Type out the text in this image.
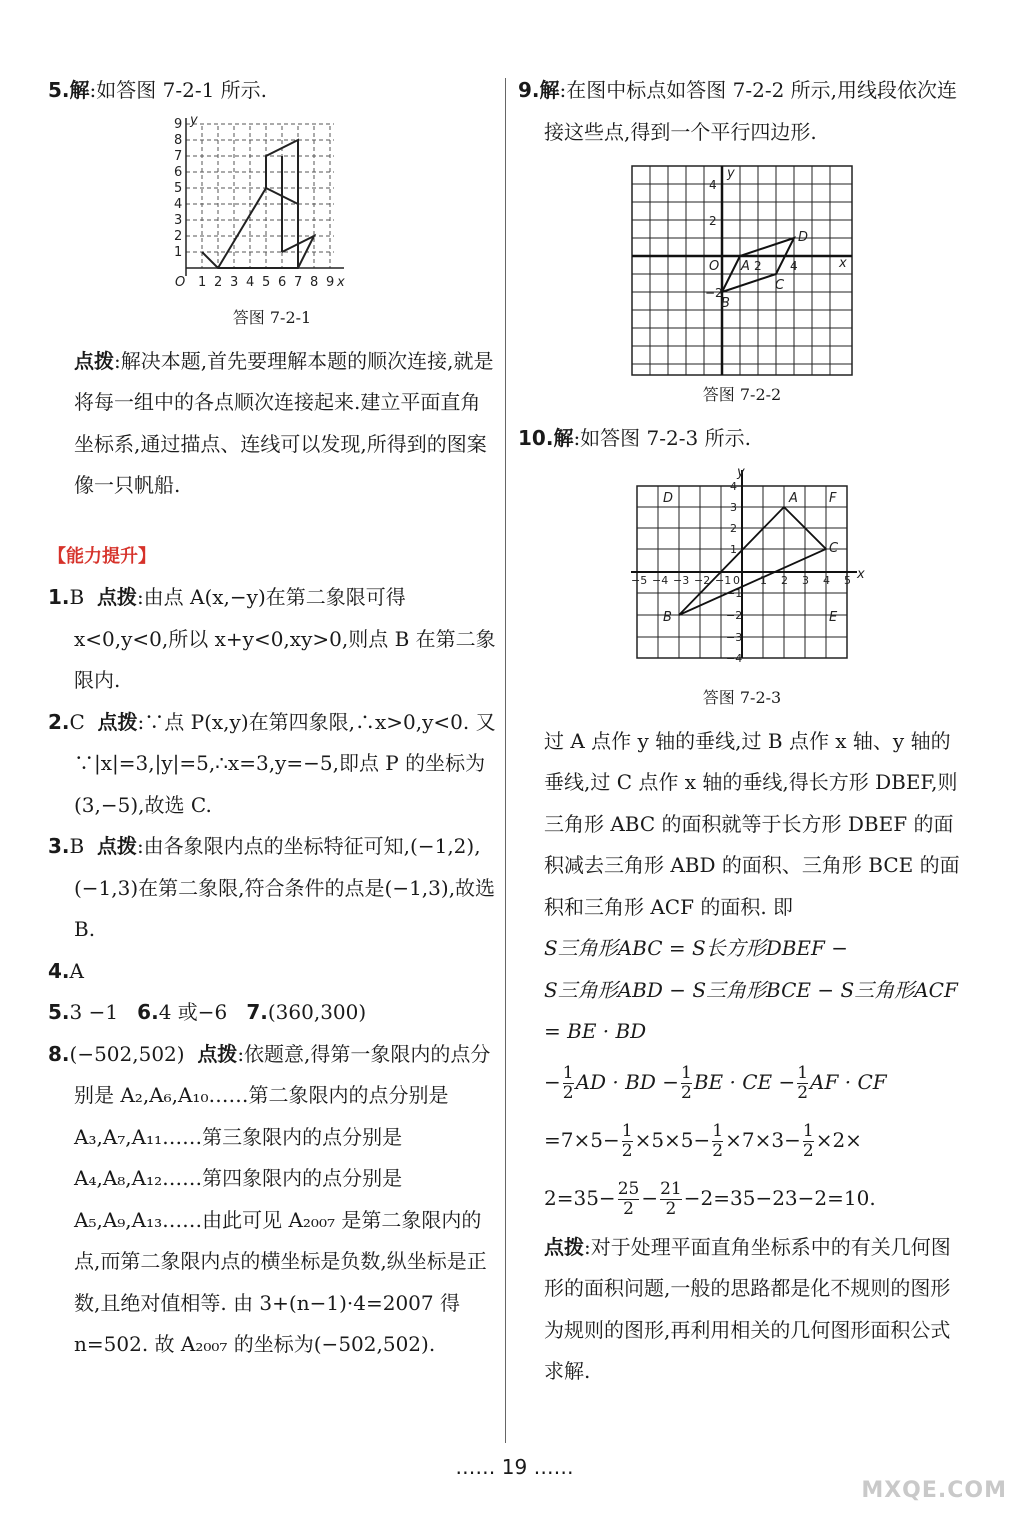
5.解:如答图 7-2-1 所示.

O 1 2 3 4 5 6 7 8 9 x
1
2
3
4
5
6
7
8
9 y
答图 7-2-1

点拨:解决本题,首先要理解本题的顺次连接,就是将每一组中的各点顺次连接起来.建立平面直角坐标系,通过描点、连线可以发现,所得到的图案像一只帆船.

【能力提升】

1.B 点拨:由点 A(x,−y)在第二象限可得 x<0,y<0,所以 x+y<0,xy>0,则点 B 在第二象限内.

2.C 点拨:∵点 P(x,y)在第四象限,∴x>0,y<0. 又∵|x|=3,|y|=5,∴x=3,y=−5,即点 P 的坐标为(3,−5),故选 C.

3.B 点拨:由各象限内点的坐标特征可知,(−1,2),(−1,3)在第二象限,符合条件的点是(−1,3),故选 B.

4.A

5.3 −1 6.4 或−6 7.(360,300)

8.(−502,502) 点拨:依题意,得第一象限内的点分别是 A₂,A₆,A₁₀……第二象限内的点分别是 A₃,A₇,A₁₁……第三象限内的点分别是 A₄,A₈,A₁₂……第四象限内的点分别是 A₅,A₉,A₁₃……由此可见 A₂₀₀₇ 是第二象限内的点,而第二象限内点的横坐标是负数,纵坐标是正数,且绝对值相等. 由 3+(n−1)·4=2007 得 n=502. 故 A₂₀₀₇ 的坐标为(−502,502).

9.解:在图中标点如答图 7-2-2 所示,用线段依次连接这些点,得到一个平行四边形.

y
x
O A
B
C
D
4
2
2 4
−2
答图 7-2-2

10.解:如答图 7-2-3 所示.

y
x
A
B
C
D
E
F
−5 −4 −3 −2 −1 0 1 2 3 4 5
4
3
2
1
−1
−2
−3
−4
答图 7-2-3

过 A 点作 y 轴的垂线,过 B 点作 x 轴、y 轴的垂线,过 C 点作 x 轴的垂线,得长方形 DBEF,则三角形 ABC 的面积就等于长方形 DBEF 的面积减去三角形 ABD 的面积、三角形 BCE 的面积和三角形 ACF 的面积. 即

S三角形ABC = S长方形DBEF −

S三角形ABD − S三角形BCE − S三角形ACF = BE · BD

− $\frac{1}{2}$ AD · BD − $\frac{1}{2}$ BE · CE − $\frac{1}{2}$ AF · CF

$=7\times 5- \frac{1}{2} \times 5\times 5- \frac{1}{2} \times 7\times 3- \frac{1}{2} \times 2\times$

$2=35- \frac{25}{2} - \frac{21}{2} -2=35-23-2=10$.

点拨:对于处理平面直角坐标系中的有关几何图形的面积问题,一般的思路都是化不规则的图形为规则的图形,再利用相关的几何图形面积公式求解.

…… 19 ……
MXQE.COM
